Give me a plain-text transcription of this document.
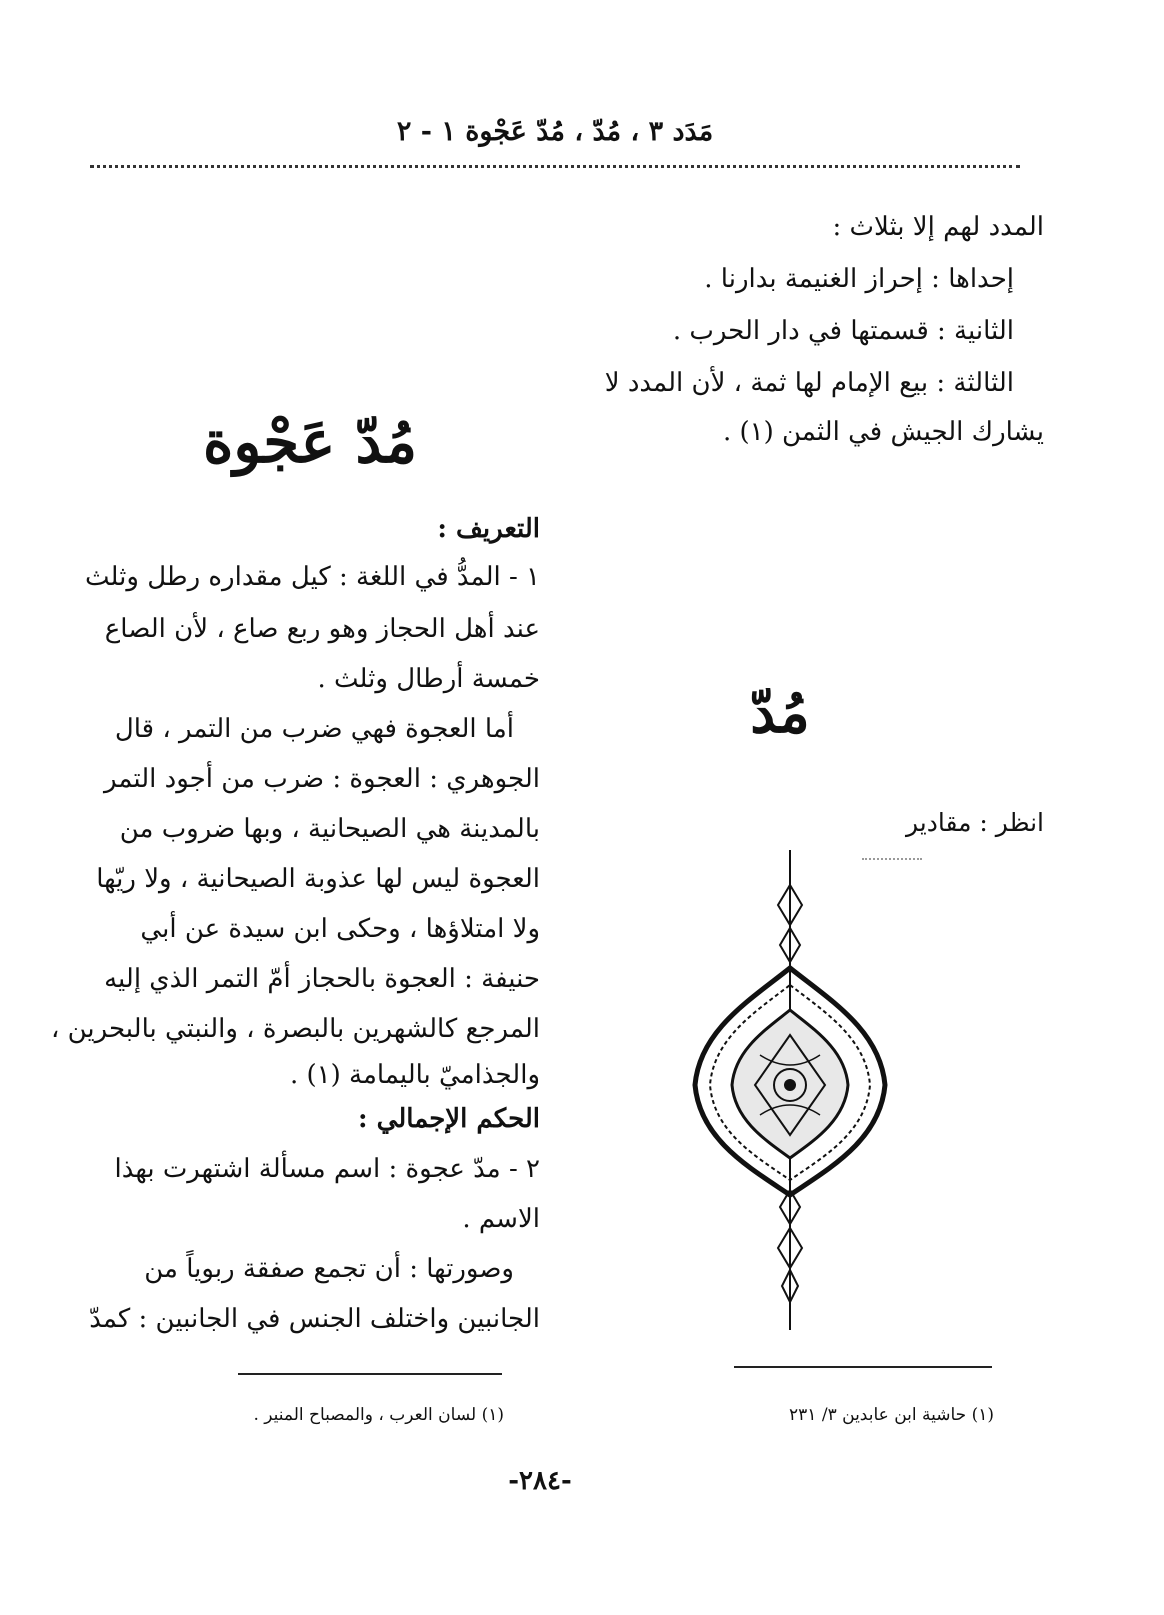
مَدَد ٣ ، مُدّ ، مُدّ عَجْوة ١ - ٢
المدد لهم إلا بثلاث :
إحداها : إحراز الغنيمة بدارنا .
الثانية : قسمتها في دار الحرب .
الثالثة : بيع الإمام لها ثمة ، لأن المدد لا
يشارك الجيش في الثمن (١) .
مُدّ عَجْوة
مُدّ
انظر : مقادير
التعريف :
١ - المدُّ في اللغة : كيل مقداره رطل وثلث
عند أهل الحجاز وهو ربع صاع ، لأن الصاع
خمسة أرطال وثلث .
أما العجوة فهي ضرب من التمر ، قال
الجوهري : العجوة : ضرب من أجود التمر
بالمدينة هي الصيحانية ، وبها ضروب من
العجوة ليس لها عذوبة الصيحانية ، ولا ريّها
ولا امتلاؤها ، وحكى ابن سيدة عن أبي
حنيفة : العجوة بالحجاز أمّ التمر الذي إليه
المرجع كالشهرين بالبصرة ، والنبتي بالبحرين ،
والجذاميّ باليمامة (١) .
الحكم الإجمالي :
٢ - مدّ عجوة : اسم مسألة اشتهرت بهذا
الاسم .
وصورتها : أن تجمع صفقة ربوياً من
الجانبين واختلف الجنس في الجانبين : كمدّ
(١) لسان العرب ، والمصباح المنير .	(١) حاشية ابن عابدين ٣/ ٢٣١
-٢٨٤-
